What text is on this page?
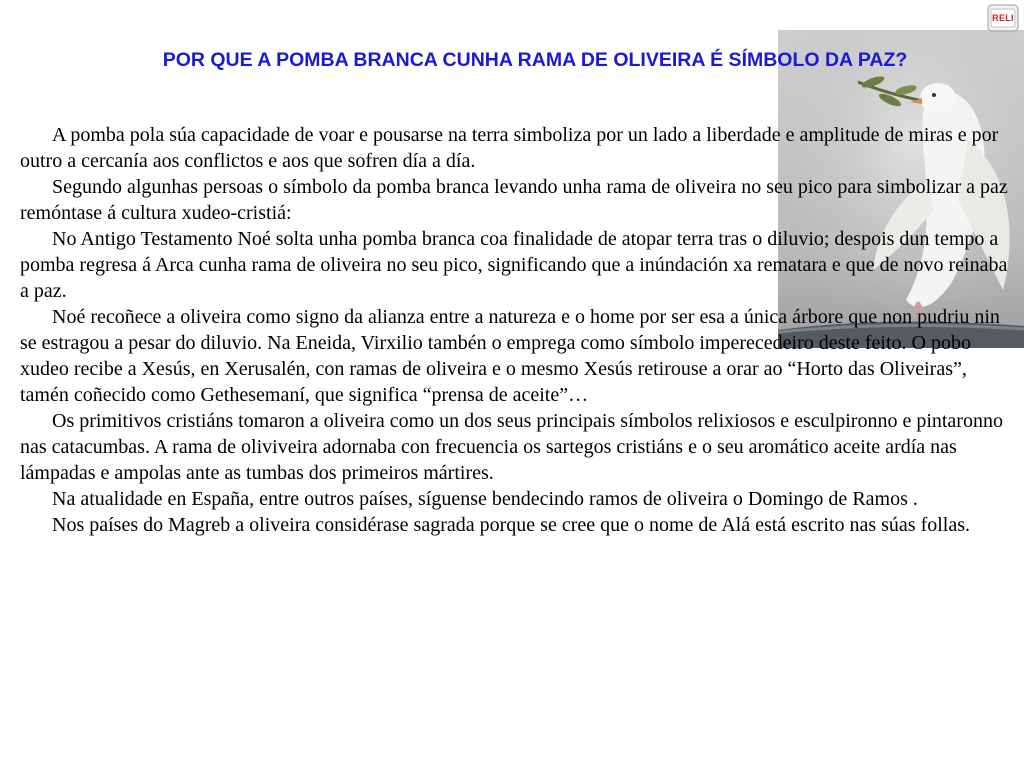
RELI
POR QUE A POMBA BRANCA CUNHA RAMA DE OLIVEIRA É SÍMBOLO DA PAZ?

A pomba pola súa capacidade de voar e pousarse na terra simboliza por un lado a liberdade e amplitude de miras e por outro a cercanía aos conflictos e aos que sofren día a día.

Segundo algunhas persoas o símbolo da pomba branca levando unha rama de oliveira no seu pico para simbolizar a paz remóntase á cultura xudeo-cristiá:

No Antigo Testamento Noé solta unha pomba branca coa finalidade de atopar terra tras o diluvio; despois dun tempo a pomba regresa á Arca cunha rama de oliveira no seu pico, significando que a inúndación xa rematara e que de novo reinaba a paz.

Noé recoñece a oliveira como signo da alianza entre a natureza e o home por ser esa a única árbore que non pudriu nin se estragou a pesar do diluvio. Na Eneida, Virxilio tambén o emprega como símbolo imperecedeiro deste feito. O pobo xudeo recibe a Xesús, en Xerusalén, con ramas de oliveira e o mesmo Xesús retirouse a orar ao “Horto das Oliveiras”, tamén coñecido como Gethesemaní, que significa “prensa de aceite”…

Os primitivos cristiáns tomaron a oliveira como un dos seus principais símbolos relixiosos e esculpironno e pintaronno nas catacumbas. A rama de oliviveira adornaba con frecuencia os sartegos cristiáns e o seu aromático aceite ardía nas lámpadas e ampolas ante as tumbas dos primeiros mártires.

Na atualidade en España, entre outros países, síguense bendecindo ramos de oliveira o Domingo de Ramos .

Nos países do Magreb a oliveira considérase sagrada porque se cree que o nome de Alá está escrito nas súas follas.
